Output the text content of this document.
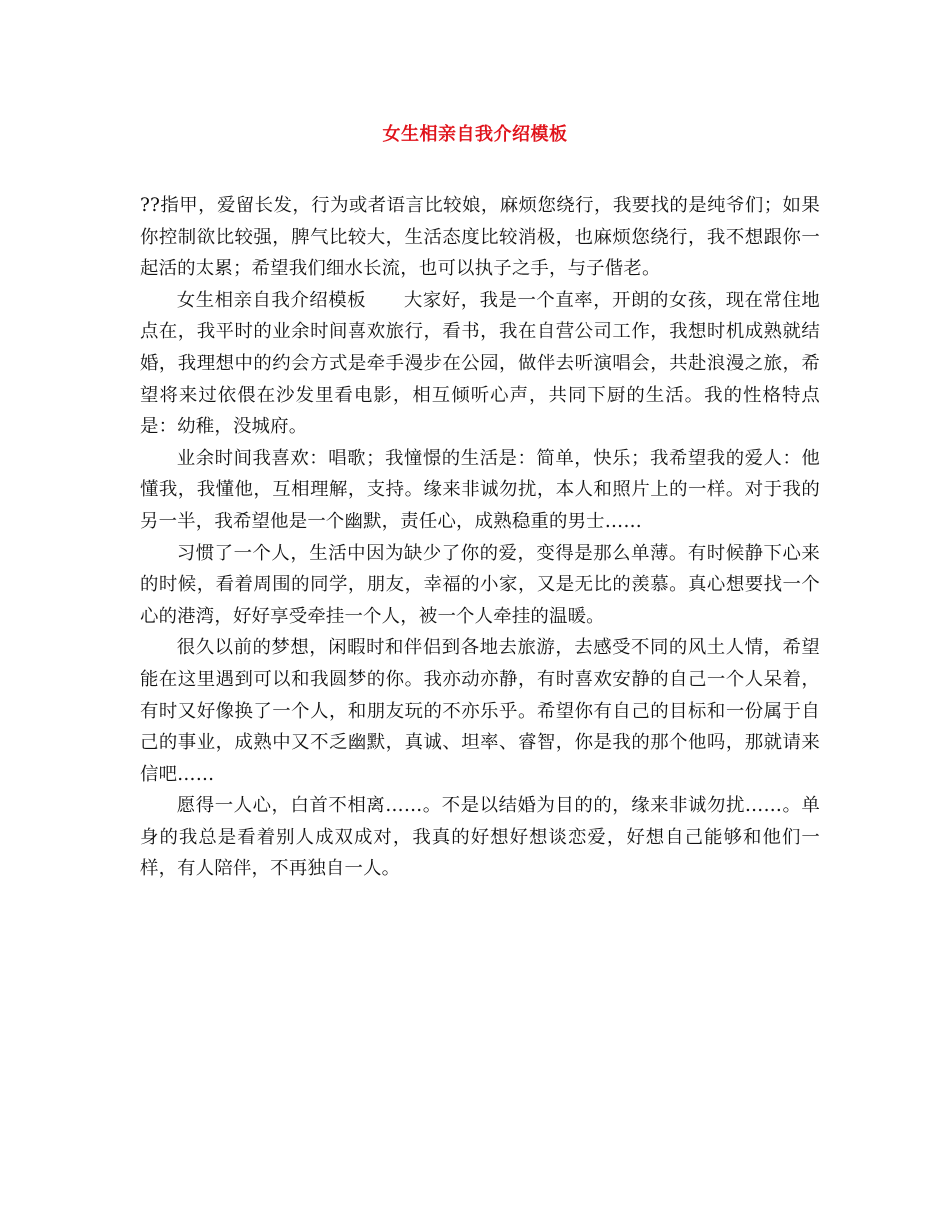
女生相亲自我介绍模板

??指甲，爱留长发，行为或者语言比较娘，麻烦您绕行，我要找的是纯爷们；如果你控制欲比较强，脾气比较大，生活态度比较消极，也麻烦您绕行，我不想跟你一起活的太累；希望我们细水长流，也可以执子之手，与子偕老。

女生相亲自我介绍模板　　大家好，我是一个直率，开朗的女孩，现在常住地点在，我平时的业余时间喜欢旅行，看书，我在自营公司工作，我想时机成熟就结婚，我理想中的约会方式是牵手漫步在公园，做伴去听演唱会，共赴浪漫之旅，希望将来过依偎在沙发里看电影，相互倾听心声，共同下厨的生活。我的性格特点是：幼稚，没城府。

业余时间我喜欢：唱歌；我憧憬的生活是：简单，快乐；我希望我的爱人：他懂我，我懂他，互相理解，支持。缘来非诚勿扰，本人和照片上的一样。对于我的另一半，我希望他是一个幽默，责任心，成熟稳重的男士……

习惯了一个人，生活中因为缺少了你的爱，变得是那么单薄。有时候静下心来的时候，看着周围的同学，朋友，幸福的小家，又是无比的羡慕。真心想要找一个心的港湾，好好享受牵挂一个人，被一个人牵挂的温暖。

很久以前的梦想，闲暇时和伴侣到各地去旅游，去感受不同的风土人情，希望能在这里遇到可以和我圆梦的你。我亦动亦静，有时喜欢安静的自己一个人呆着，有时又好像换了一个人，和朋友玩的不亦乐乎。希望你有自己的目标和一份属于自己的事业，成熟中又不乏幽默，真诚、坦率、睿智，你是我的那个他吗，那就请来信吧……

愿得一人心，白首不相离……。不是以结婚为目的的，缘来非诚勿扰……。单身的我总是看着别人成双成对，我真的好想好想谈恋爱，好想自己能够和他们一样，有人陪伴，不再独自一人。
